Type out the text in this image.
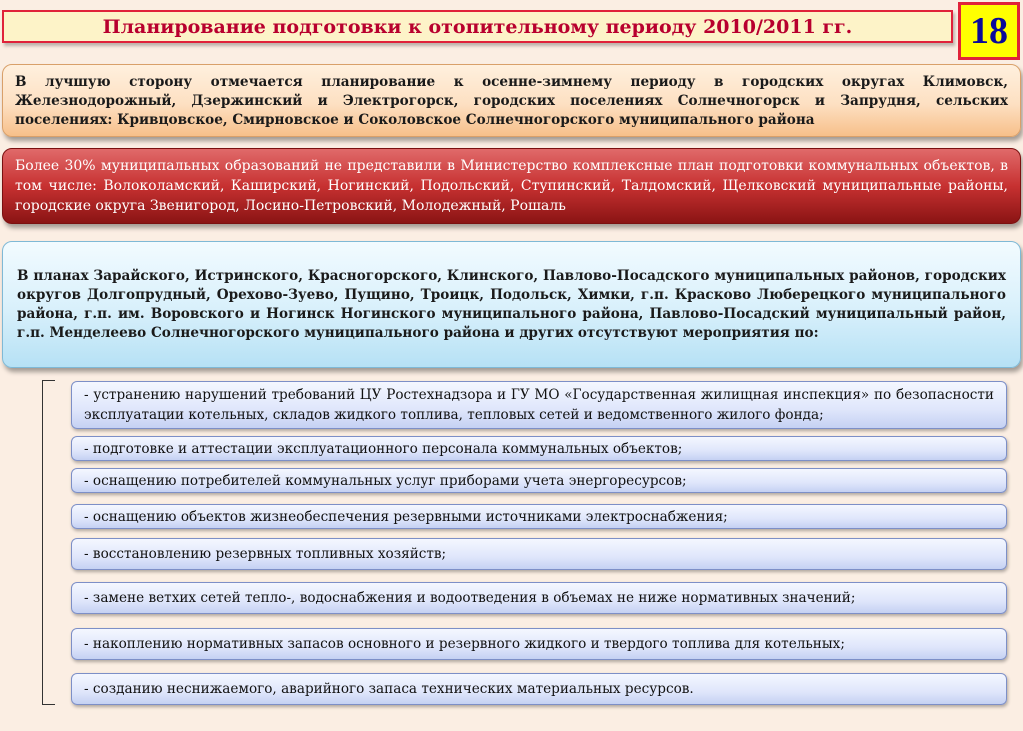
Планирование подготовки к отопительному периоду 2010/2011 гг.	18
В лучшую сторону отмечается планирование к осенне-зимнему периоду в городских округах Климовск, Железнодорожный, Дзержинский и Электрогорск, городских поселениях Солнечногорск и Запрудня, сельских поселениях: Кривцовское, Смирновское и Соколовское Солнечногорского муниципального района
Более 30% муниципальных образований не представили в Министерство комплексные план подготовки коммунальных объектов, в том числе: Волоколамский, Каширский, Ногинский, Подольский, Ступинский, Талдомский, Щелковский муниципальные районы, городские округа Звенигород, Лосино-Петровский, Молодежный, Рошаль

В планах Зарайского, Истринского, Красногорского, Клинского, Павлово-Посадского муниципальных районов, городских округов Долгопрудный, Орехово-Зуево, Пущино, Троицк, Подольск, Химки, г.п. Красково Люберецкого муниципального района, г.п. им. Воровского и Ногинск Ногинского муниципального района, Павлово-Посадский муниципальный район, г.п. Менделеево Солнечногорского муниципального района и других отсутствуют мероприятия по:

- устранению нарушений требований ЦУ Ростехнадзора и ГУ МО «Государственная жилищная инспекция» по безопасности эксплуатации котельных, складов жидкого топлива, тепловых сетей и ведомственного жилого фонда;

- подготовке и аттестации эксплуатационного персонала коммунальных объектов;

- оснащению потребителей коммунальных услуг приборами учета энергоресурсов;

- оснащению объектов жизнеобеспечения резервными источниками электроснабжения;

- восстановлению резервных топливных хозяйств;

- замене ветхих сетей тепло-, водоснабжения и водоотведения в объемах не ниже нормативных значений;

- накоплению нормативных запасов основного и резервного жидкого и твердого топлива для котельных;

- созданию неснижаемого, аварийного запаса технических материальных ресурсов.
